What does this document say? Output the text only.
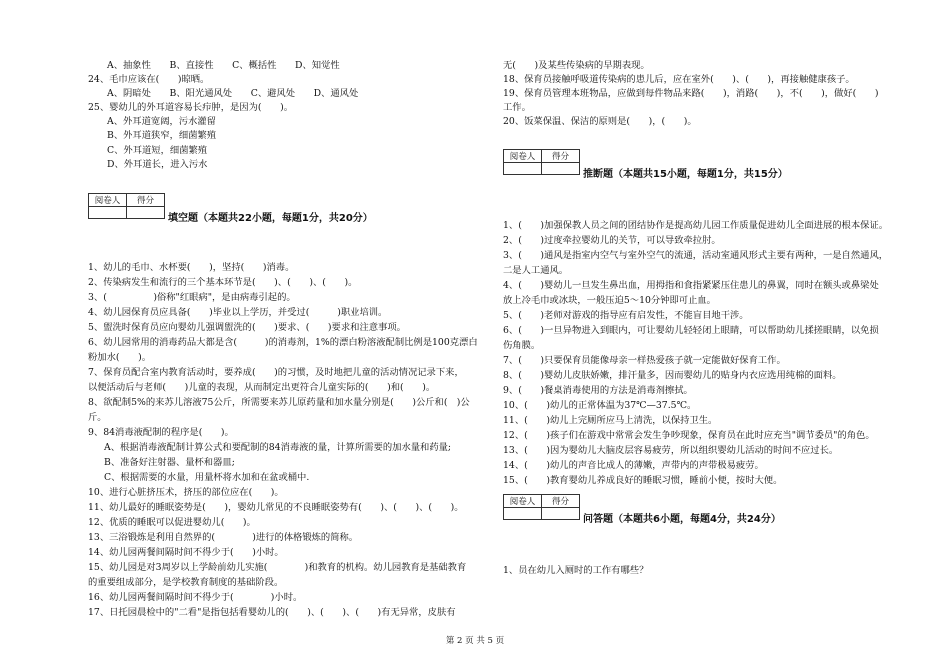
A、抽象性　　B、直接性　　C、概括性　　D、知觉性
24、毛巾应该在(　　)晾晒。
A、阴暗处　　B、阳光通风处　　C、避风处　　D、通风处
25、婴幼儿的外耳道容易长疖肿，是因为(　　)。
A、外耳道宽阔，污水灌留
B、外耳道狭窄，细菌繁殖
C、外耳道短，细菌繁殖
D、外耳道长，进入污水
阅卷人	得分

填空题（本题共22小题，每题1分，共20分）
1、幼儿的毛巾、水杯要(　　)，坚持(　　)消毒。
2、传染病发生和流行的三个基本环节是(　　)、(　　)、(　　)。
3、(　　　　　)俗称"红眼病"，是由病毒引起的。
4、幼儿园保育员应具备(　　)毕业以上学历，并受过(　　　)职业培训。
5、盥洗时保育员应向婴幼儿强调盥洗的(　　)要求、(　　)要求和注意事项。
6、幼儿园常用的消毒药品大都是含(　　　)的消毒剂，1%的漂白粉溶液配制比例是100克漂白
粉加水(　　)。
7、保育员配合室内教育活动时，要养成(　　)的习惯，及时地把儿童的活动情况记录下来，
以便活动后与老师(　　)儿童的表现，从而制定出更符合儿童实际的(　　)和(　　)。
8、欲配制5%的来苏儿溶液75公斤，所需要来苏儿原药量和加水量分别是(　　)公斤和(　)公
斤。
9、84消毒液配制的程序是(　　)。
A、根据消毒液配制计算公式和要配制的84消毒液的量，计算所需要的加水量和药量;
B、准备好注射器、量杯和器皿;
C、根据需要的水量，用量杯将水加和在盆或桶中.
10、进行心脏挤压术，挤压的部位应在(　　)。
11、幼儿最好的睡眠姿势是(　　)，婴幼儿常见的不良睡眠姿势有(　　)、(　　)、(　　)。
12、优质的睡眠可以促进婴幼儿(　　)。
13、三浴锻炼是利用自然界的(　　　　)进行的体格锻炼的简称。
14、幼儿园两餐间隔时间不得少于(　　)小时。
15、幼儿园是对3周岁以上学龄前幼儿实施(　　　　)和教育的机构。幼儿园教育是基础教育
的重要组成部分，是学校教育制度的基础阶段。
16、幼儿园两餐间隔时间不得少于(　　　　)小时。
17、日托园晨检中的"二看"是指包括看婴幼儿的(　　)、(　　)、(　　)有无异常，皮肤有
无(　　)及某些传染病的早期表现。
18、保育员接触呼吸道传染病的患儿后，应在室外(　　)、(　　)，再接触健康孩子。
19、保育员管理本班物品，应做到每件物品来路(　　)，消路(　　)，不(　　)，做好(　　)
工作。
20、饭菜保温、保洁的原则是(　　)，(　　)。
阅卷人	得分

推断题（本题共15小题，每题1分，共15分）
1、(　　)加强保教人员之间的团结协作是提高幼儿园工作质量促进幼儿全面进展的根本保证。
2、(　　)过度牵拉婴幼儿的关节，可以导致牵拉肘。
3、(　　)通风是指室内空气与室外空气的流通，活动室通风形式主要有两种，一是自然通风，
二是人工通风。
4、(　　)婴幼儿一旦发生鼻出血，用拇指和食指紧紧压住患儿的鼻翼，同时在额头或鼻梁处
放上冷毛巾或冰块，一般压迫5～10分钟即可止血。
5、(　　)老师对游戏的指导应有启发性，不能盲目地干涉。
6、(　　)一旦异物进入到眼内，可让婴幼儿轻轻闭上眼睛，可以帮助幼儿揉搓眼睛，以免损
伤角膜。
7、(　　)只要保育员能像母亲一样热爱孩子就一定能做好保育工作。
8、(　　)婴幼儿皮肤娇嫩，排汗量多，因而婴幼儿的贴身内衣应选用纯棉的面料。
9、(　　)餐桌消毒使用的方法是消毒剂擦拭。
10、(　　)幼儿的正常体温为37℃—37.5℃。
11、(　　)幼儿上完厕所应马上清洗，以保持卫生。
12、(　　)孩子们在游戏中常常会发生争吵现象，保育员在此时应充当"调节委员"的角色。
13、(　　)因为婴幼儿大脑皮层容易疲劳，所以组织婴幼儿活动的时间不应过长。
14、(　　)幼儿的声音比成人的薄嫩，声带内的声带极易疲劳。
15、(　　)教育婴幼儿养成良好的睡眠习惯，睡前小便，按时大便。
阅卷人	得分

问答题（本题共6小题，每题4分，共24分）
1、员在幼儿入厕时的工作有哪些？
第 2 页 共 5 页
